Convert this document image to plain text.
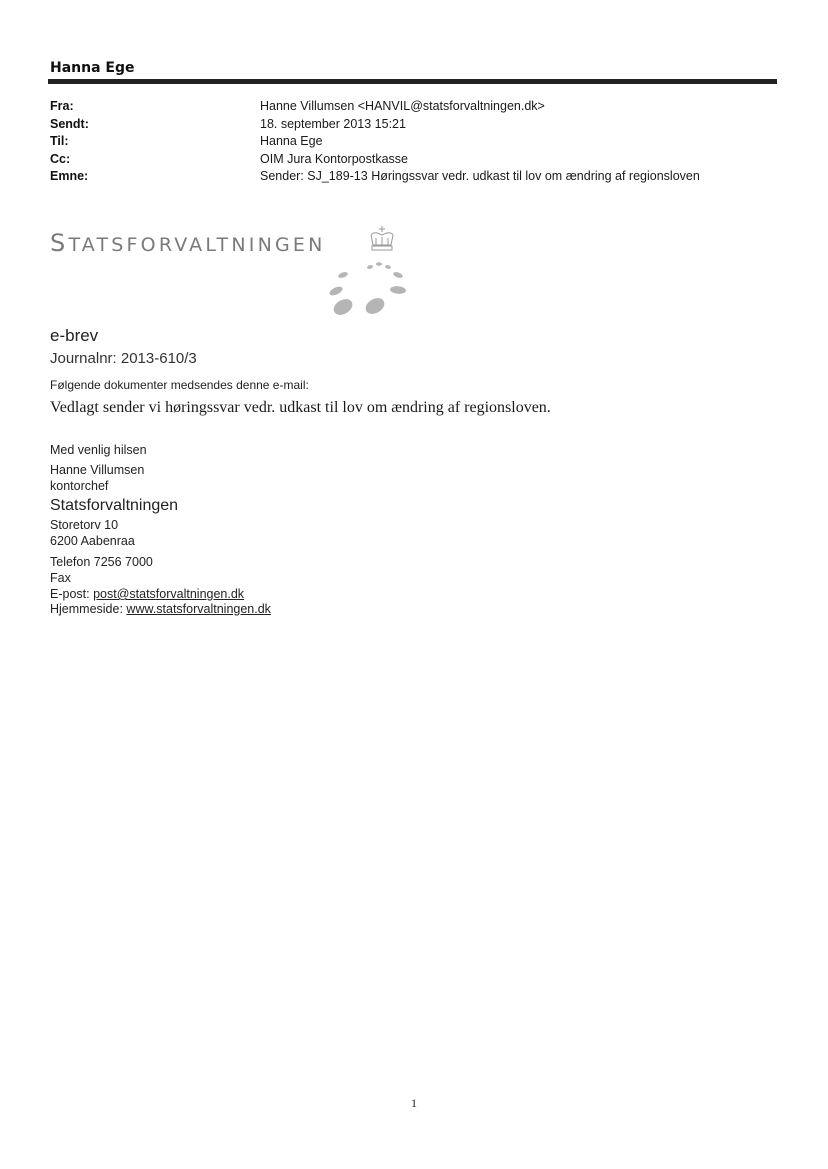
Hanna Ege
Fra:	Hanne Villumsen <HANVIL@statsforvaltningen.dk>
Sendt:	18. september 2013 15:21
Til:	Hanna Ege
Cc:	OIM Jura Kontorpostkasse
Emne:	Sender: SJ_189-13 Høringssvar vedr. udkast til lov om ændring af regionsloven
STATSFORVALTNINGEN
e-brev
Journalnr: 2013-610/3
Følgende dokumenter medsendes denne e-mail:
Vedlagt sender vi høringssvar vedr. udkast til lov om ændring af regionsloven.
Med venlig hilsen
Hanne Villumsen
kontorchef
Statsforvaltningen
Storetorv 10
6200 Aabenraa
Telefon 7256 7000
Fax
E-post: post@statsforvaltningen.dk
Hjemmeside: www.statsforvaltningen.dk
1
